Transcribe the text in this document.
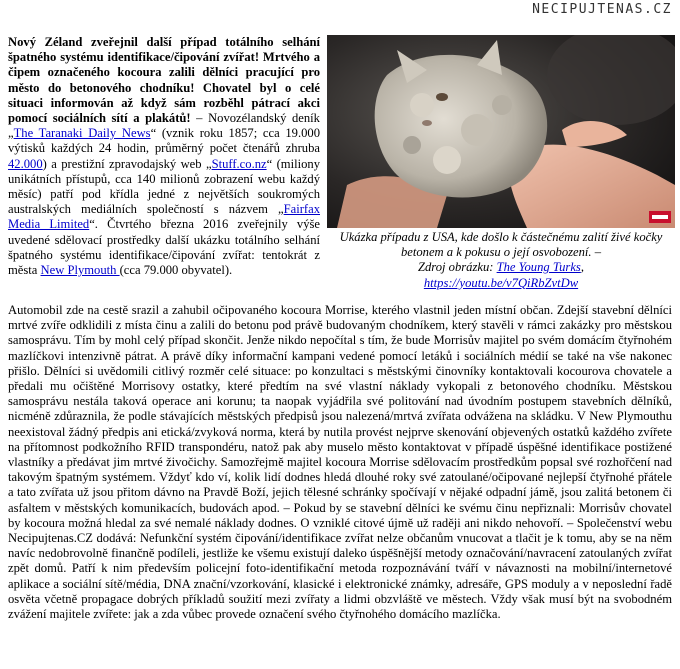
NECIPUJTENAS.CZ
Ukázka případu z USA, kde došlo k částečnému zalití živé kočky betonem a k pokusu o její osvobození. –
Zdroj obrázku: The Young Turks,
https://youtu.be/v7QiRbZvtDw
Nový Zéland zveřejnil další případ totálního selhání špatného systému identifikace/čipování zvířat! Mrtvého a čipem označeného kocoura zalili dělníci pracující pro město do betonového chodníku! Chovatel byl o celé situaci informován až když sám rozběhl pátrací akci pomocí sociálních sítí a plakátů! – Novozélandský deník „The Taranaki Daily News“ (vznik roku 1857; cca 19.000 výtisků každých 24 hodin, průměrný počet čtenářů zhruba 42.000) a prestižní zpravodajský web „Stuff.co.nz“ (miliony unikátních přístupů, cca 140 milionů zobrazení webu každý měsíc) patří pod křídla jedné z největších soukromých australských mediálních společností s názvem „Fairfax Media Limited“. Čtvrtého března 2016 zveřejnily výše uvedené sdělovací prostředky další ukázku totálního selhání špatného systému identifikace/čipování zvířat: tentokrát z města New Plymouth (cca 79.000 obyvatel).
Automobil zde na cestě srazil a zahubil očipovaného kocoura Morrise, kterého vlastnil jeden místní občan. Zdejší stavební dělníci mrtvé zvíře odklidili z místa činu a zalili do betonu pod právě budovaným chodníkem, který stavěli v rámci zakázky pro městskou samosprávu. Tím by mohl celý případ skončit. Jenže nikdo nepočítal s tím, že bude Morrisův majitel po svém domácím čtyřnohém mazlíčkovi intenzivně pátrat. A právě díky informační kampani vedené pomocí letáků i sociálních médií se také na vše nakonec přišlo. Dělníci si uvědomili citlivý rozměr celé situace: po konzultaci s městskými činovníky kontaktovali kocourova chovatele a předali mu očištěné Morrisovy ostatky, které předtím na své vlastní náklady vykopali z betonového chodníku. Městskou samosprávu nestála taková operace ani korunu; ta naopak vyjádřila své politování nad úvodním postupem stavebních dělníků, nicméně zdůraznila, že podle stávajících městských předpisů jsou nalezená/mrtvá zvířata odvážena na skládku. V New Plymouthu neexistoval žádný předpis ani etická/zvyková norma, která by nutila provést nejprve skenování objevených ostatků každého zvířete na přítomnost podkožního RFID transpondéru, natož pak aby muselo město kontaktovat v případě úspěšné identifikace postižené vlastníky a předávat jim mrtvé živočichy. Samozřejmě majitel kocoura Morrise sdělovacím prostředkům popsal své rozhořčení nad takovým špatným systémem. Vždyť kdo ví, kolik lidí dodnes hledá dlouhé roky své zatoulané/očipované nejlepší čtyřnohé přátele a tato zvířata už jsou přitom dávno na Pravdě Boží, jejich tělesné schránky spočívají v nějaké odpadní jámě, jsou zalitá betonem či asfaltem v městských komunikacích, budovách apod. – Pokud by se stavební dělníci ke svému činu nepřiznali: Morrisův chovatel by kocoura možná hledal za své nemalé náklady dodnes. O vzniklé citové újmě už raději ani nikdo nehovoří. – Společenství webu Necipujtenas.CZ dodává: Nefunkční systém čipování/identifikace zvířat nelze občanům vnucovat a tlačit je k tomu, aby se na něm navíc nedobrovolně finančně podíleli, jestliže ke všemu existují daleko úspěšnější metody označování/navracení zatoulaných zvířat zpět domů. Patří k nim především policejní foto-identifikační metoda rozpoznávání tváří v návaznosti na mobilní/internetové aplikace a sociální sítě/média, DNA znační/vzorkování, klasické i elektronické známky, adresáře, GPS moduly a v neposlední řadě osvěta včetně propagace dobrých příkladů soužití mezi zvířaty a lidmi obzvláště ve městech. Vždy však musí být na svobodném zvážení majitele zvířete: jak a zda vůbec provede označení svého čtyřnohého domácího mazlíčka.
